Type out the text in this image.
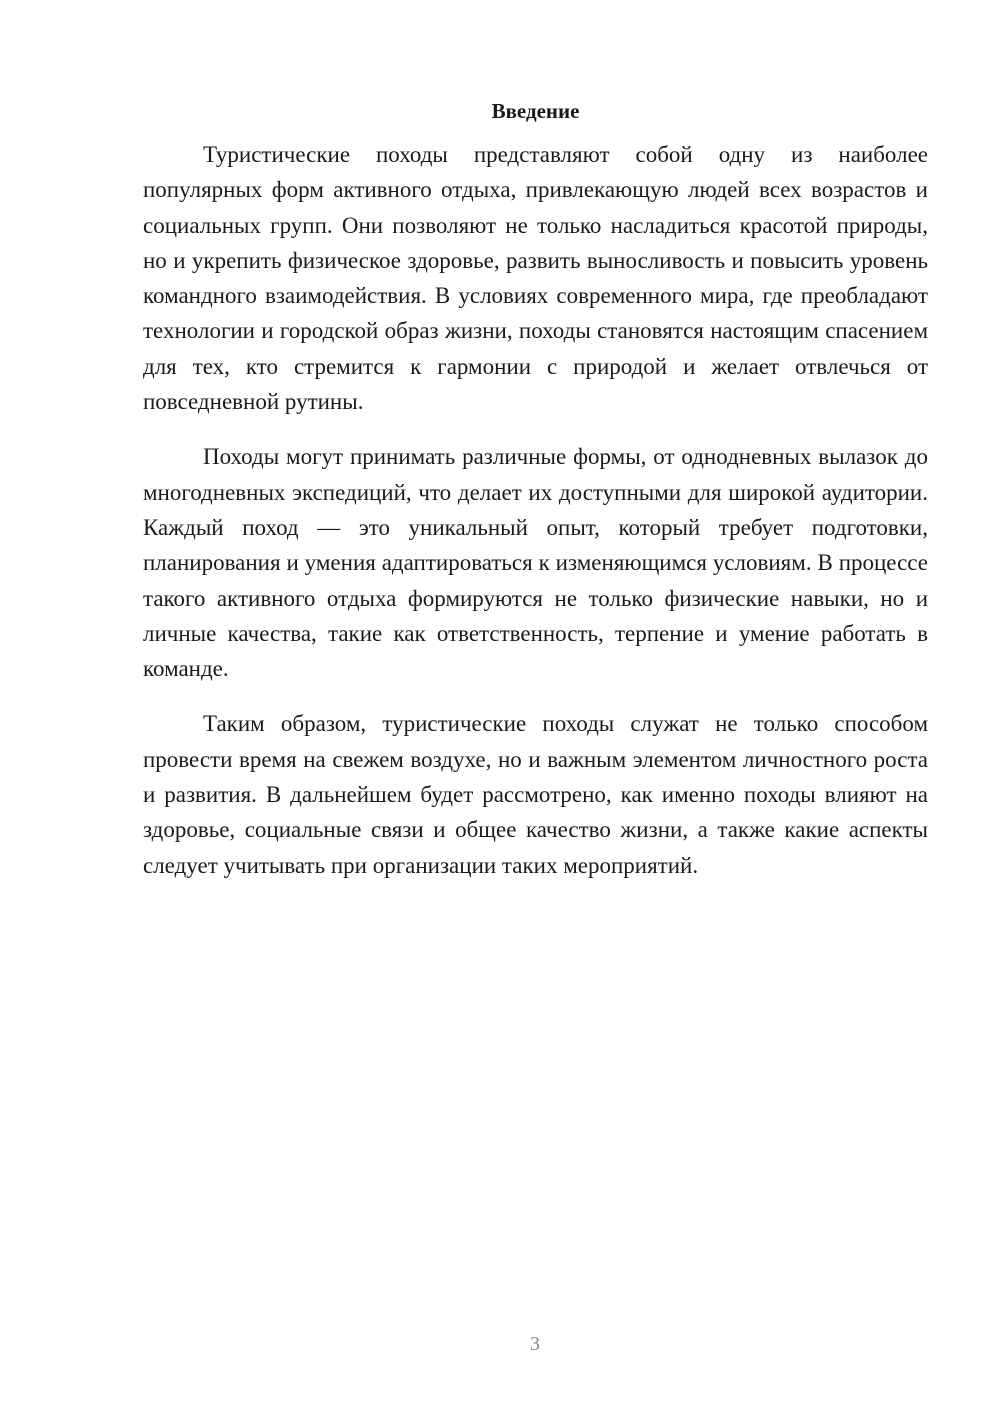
Введение

Туристические походы представляют собой одну из наиболее популярных форм активного отдыха, привлекающую людей всех возрастов и социальных групп. Они позволяют не только насладиться красотой природы, но и укрепить физическое здоровье, развить выносливость и повысить уровень командного взаимодействия. В условиях современного мира, где преобладают технологии и городской образ жизни, походы становятся настоящим спасением для тех, кто стремится к гармонии с природой и желает отвлечься от повседневной рутины.

Походы могут принимать различные формы, от однодневных вылазок до многодневных экспедиций, что делает их доступными для широкой аудитории. Каждый поход — это уникальный опыт, который требует подготовки, планирования и умения адаптироваться к изменяющимся условиям. В процессе такого активного отдыха формируются не только физические навыки, но и личные качества, такие как ответственность, терпение и умение работать в команде.

Таким образом, туристические походы служат не только способом провести время на свежем воздухе, но и важным элементом личностного роста и развития. В дальнейшем будет рассмотрено, как именно походы влияют на здоровье, социальные связи и общее качество жизни, а также какие аспекты следует учитывать при организации таких мероприятий.

3
